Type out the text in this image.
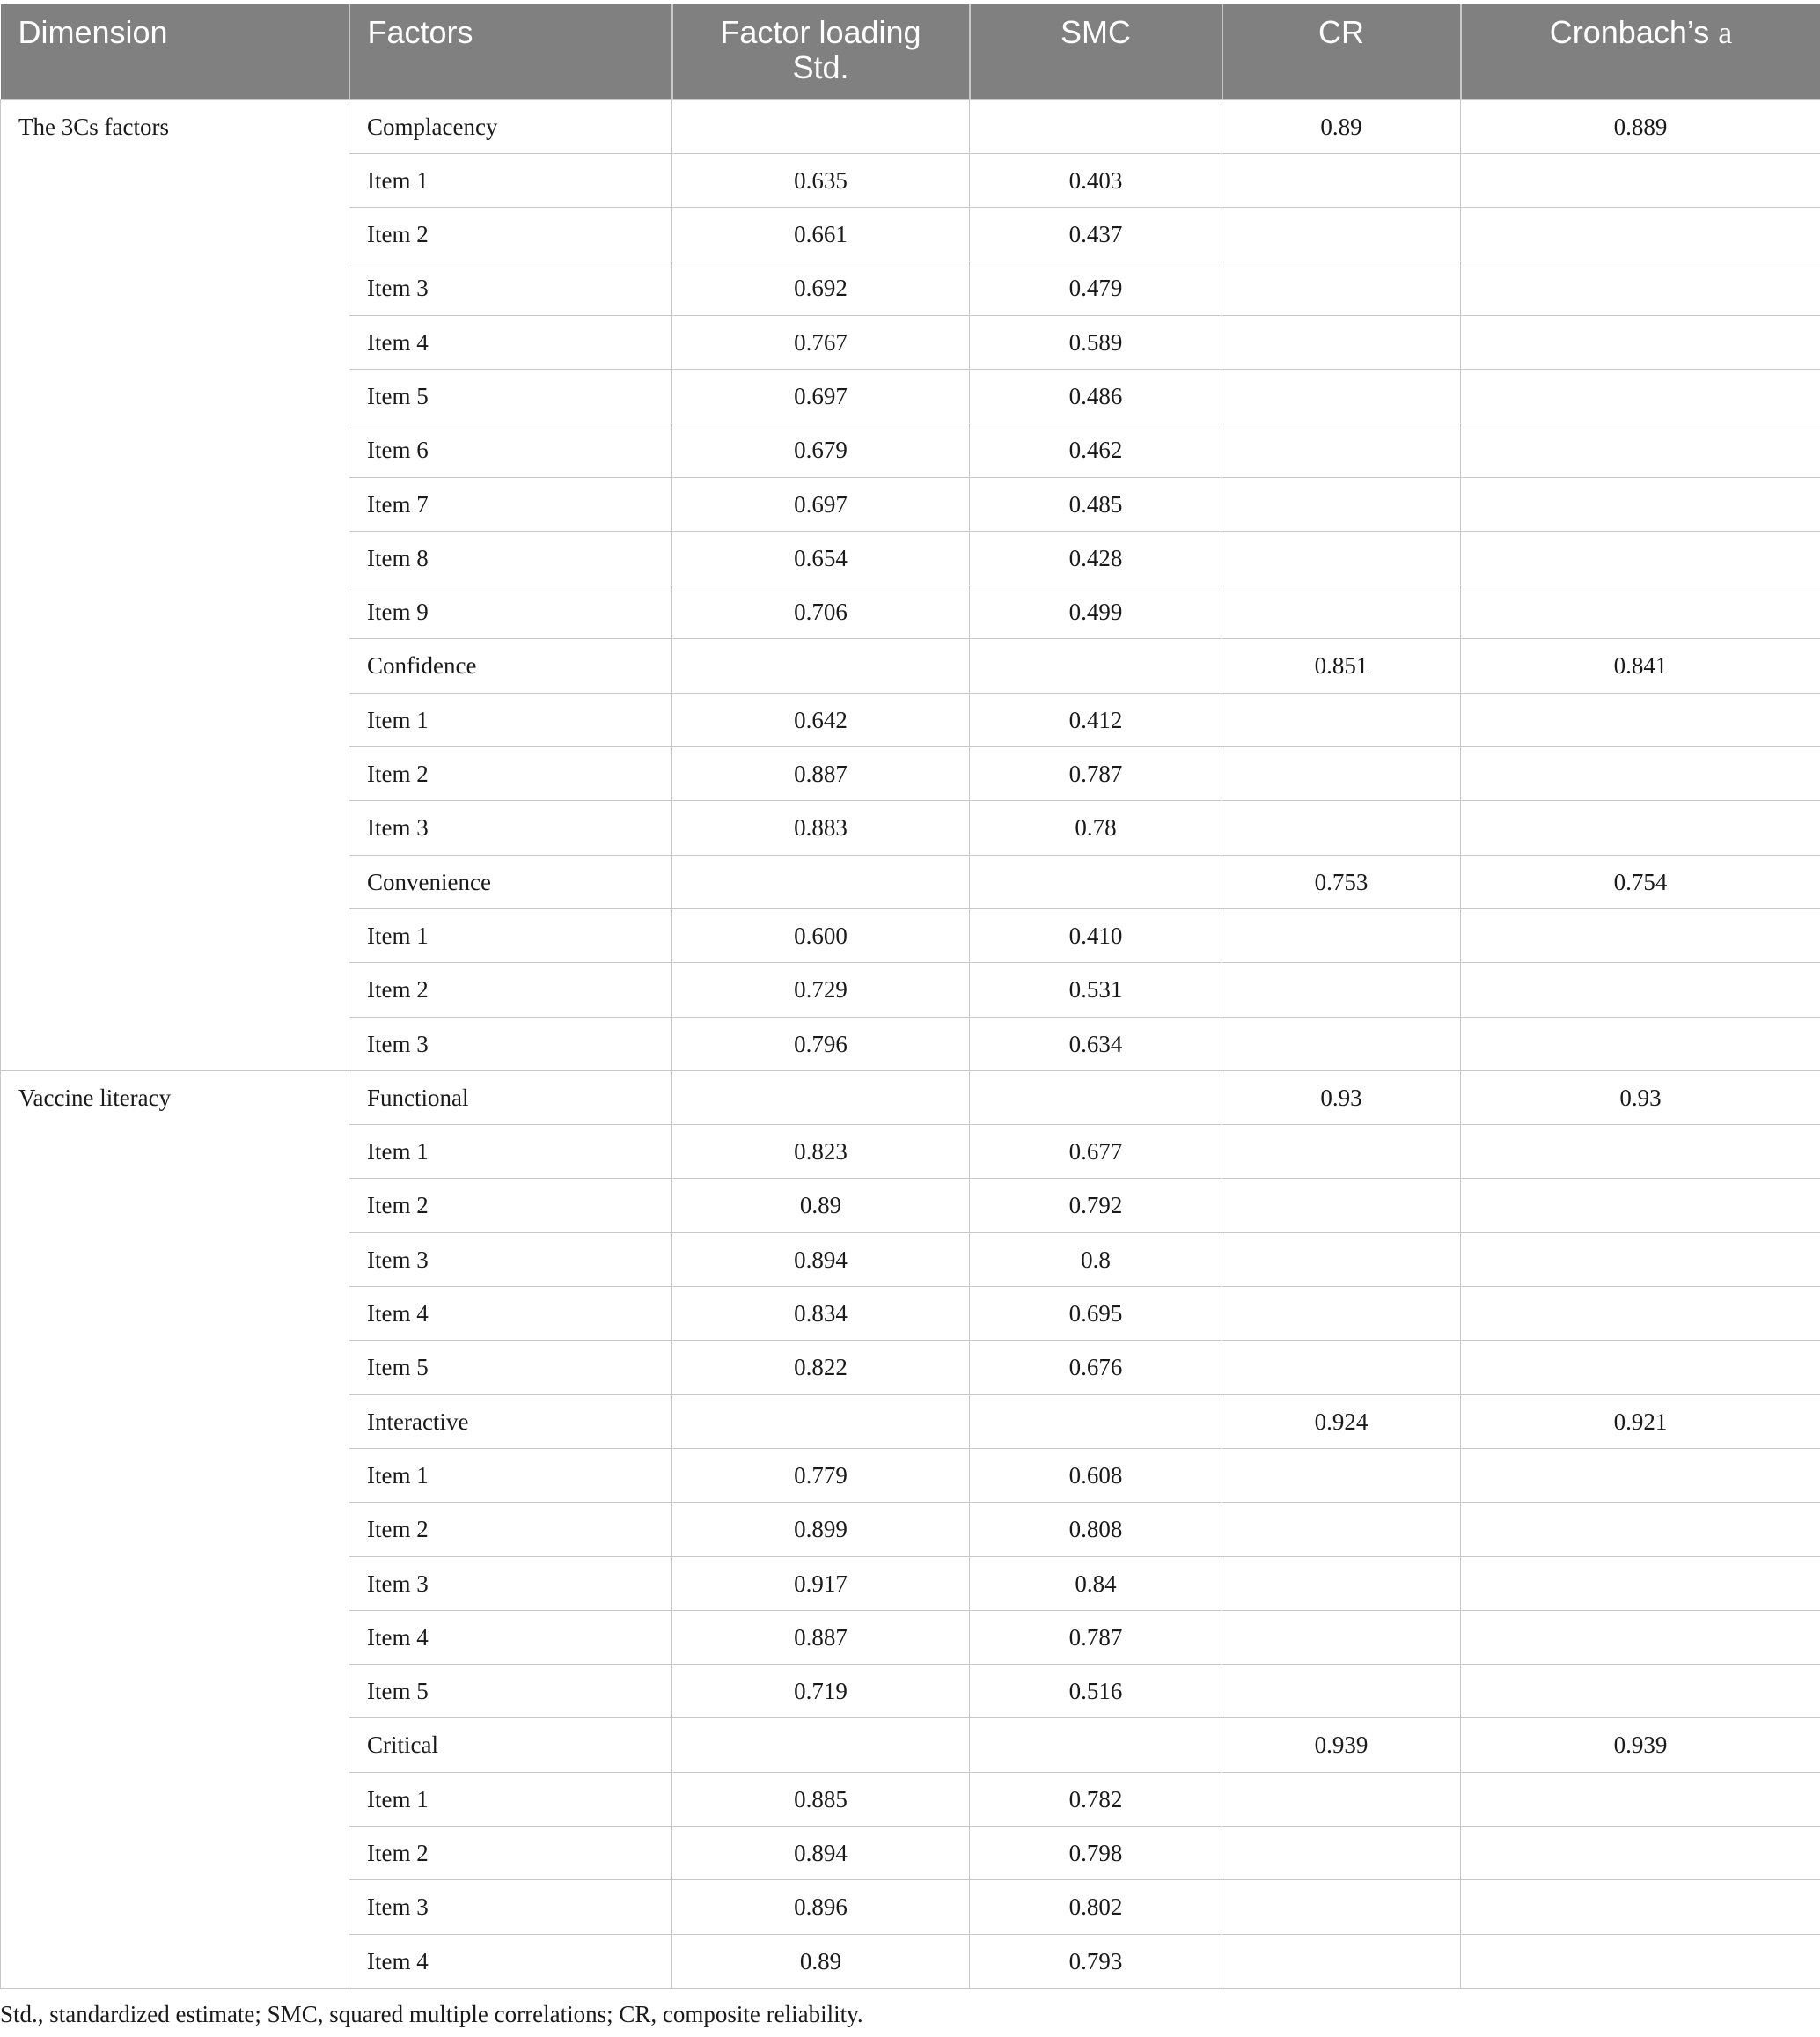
Dimension	Factors	Factor loading Std.	SMC	CR	Cronbach’s a
The 3Cs factors	Complacency			0.89	0.889
	Item 1	0.635	0.403		
	Item 2	0.661	0.437		
	Item 3	0.692	0.479		
	Item 4	0.767	0.589		
	Item 5	0.697	0.486		
	Item 6	0.679	0.462		
	Item 7	0.697	0.485		
	Item 8	0.654	0.428		
	Item 9	0.706	0.499		
	Confidence			0.851	0.841
	Item 1	0.642	0.412		
	Item 2	0.887	0.787		
	Item 3	0.883	0.78		
	Convenience			0.753	0.754
	Item 1	0.600	0.410		
	Item 2	0.729	0.531		
	Item 3	0.796	0.634		
Vaccine literacy	Functional			0.93	0.93
	Item 1	0.823	0.677		
	Item 2	0.89	0.792		
	Item 3	0.894	0.8		
	Item 4	0.834	0.695		
	Item 5	0.822	0.676		
	Interactive			0.924	0.921
	Item 1	0.779	0.608		
	Item 2	0.899	0.808		
	Item 3	0.917	0.84		
	Item 4	0.887	0.787		
	Item 5	0.719	0.516		
	Critical			0.939	0.939
	Item 1	0.885	0.782		
	Item 2	0.894	0.798		
	Item 3	0.896	0.802		
	Item 4	0.89	0.793		
Std., standardized estimate; SMC, squared multiple correlations; CR, composite reliability.
